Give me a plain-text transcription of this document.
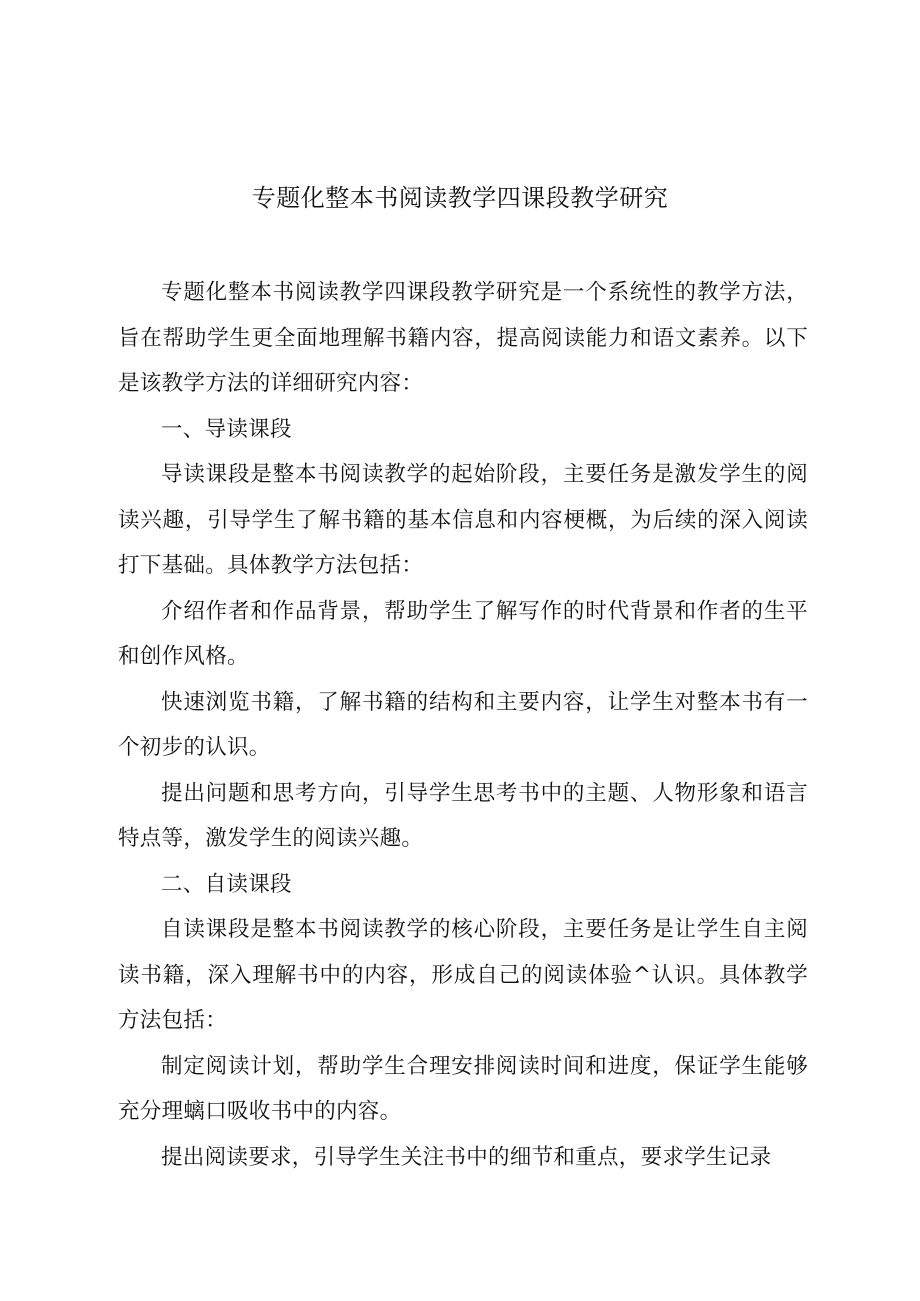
专题化整本书阅读教学四课段教学研究

专题化整本书阅读教学四课段教学研究是一个系统性的教学方法，旨在帮助学生更全面地理解书籍内容，提高阅读能力和语文素养。以下是该教学方法的详细研究内容：

一、导读课段

导读课段是整本书阅读教学的起始阶段，主要任务是激发学生的阅读兴趣，引导学生了解书籍的基本信息和内容梗概，为后续的深入阅读打下基础。具体教学方法包括：

介绍作者和作品背景，帮助学生了解写作的时代背景和作者的生平和创作风格。

快速浏览书籍，了解书籍的结构和主要内容，让学生对整本书有一个初步的认识。

提出问题和思考方向，引导学生思考书中的主题、人物形象和语言特点等，激发学生的阅读兴趣。

二、自读课段

自读课段是整本书阅读教学的核心阶段，主要任务是让学生自主阅读书籍，深入理解书中的内容，形成自己的阅读体验^认识。具体教学方法包括：

制定阅读计划，帮助学生合理安排阅读时间和进度，保证学生能够充分理螭口吸收书中的内容。

提出阅读要求，引导学生关注书中的细节和重点，要求学生记录
